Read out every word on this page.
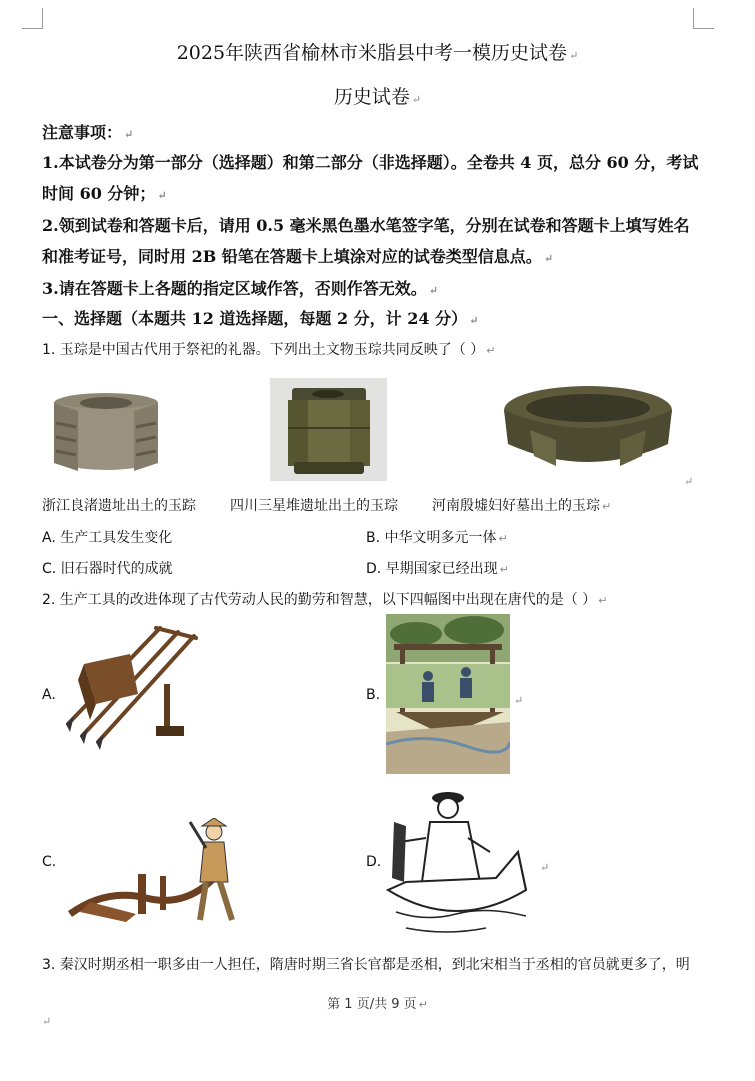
2025年陕西省榆林市米脂县中考一模历史试卷 ↵
历史试卷 ↵
注意事项： ↵
1.本试卷分为第一部分（选择题）和第二部分（非选择题）。全卷共 4 页，总分 60 分，考试
时间 60 分钟； ↵
2.领到试卷和答题卡后，请用 0.5 毫米黑色墨水笔签字笔，分别在试卷和答题卡上填写姓名
和准考证号，同时用 2B 铅笔在答题卡上填涂对应的试卷类型信息点。 ↵
3.请在答题卡上各题的指定区域作答，否则作答无效。 ↵
一、选择题（本题共 12 道选择题，每题 2 分，计 24 分） ↵
1. 玉琮是中国古代用于祭祀的礼器。下列出土文物玉琮共同反映了（ ） ↵
↵
浙江良渚遗址出土的玉踪 四川三星堆遗址出土的玉琮 河南殷墟妇好墓出土的玉琮 ↵
A. 生产工具发生变化	B. 中华文明多元一体 ↵
C. 旧石器时代的成就	D. 早期国家已经出现 ↵
2. 生产工具的改进体现了古代劳动人民的勤劳和智慧，以下四幅图中出现在唐代的是（ ） ↵
A.	B.	↵
C.	D.	↵
3. 秦汉时期丞相一职多由一人担任，隋唐时期三省长官都是丞相，到北宋相当于丞相的官员就更多了，明
第 1 页/共 9 页 ↵
↵
